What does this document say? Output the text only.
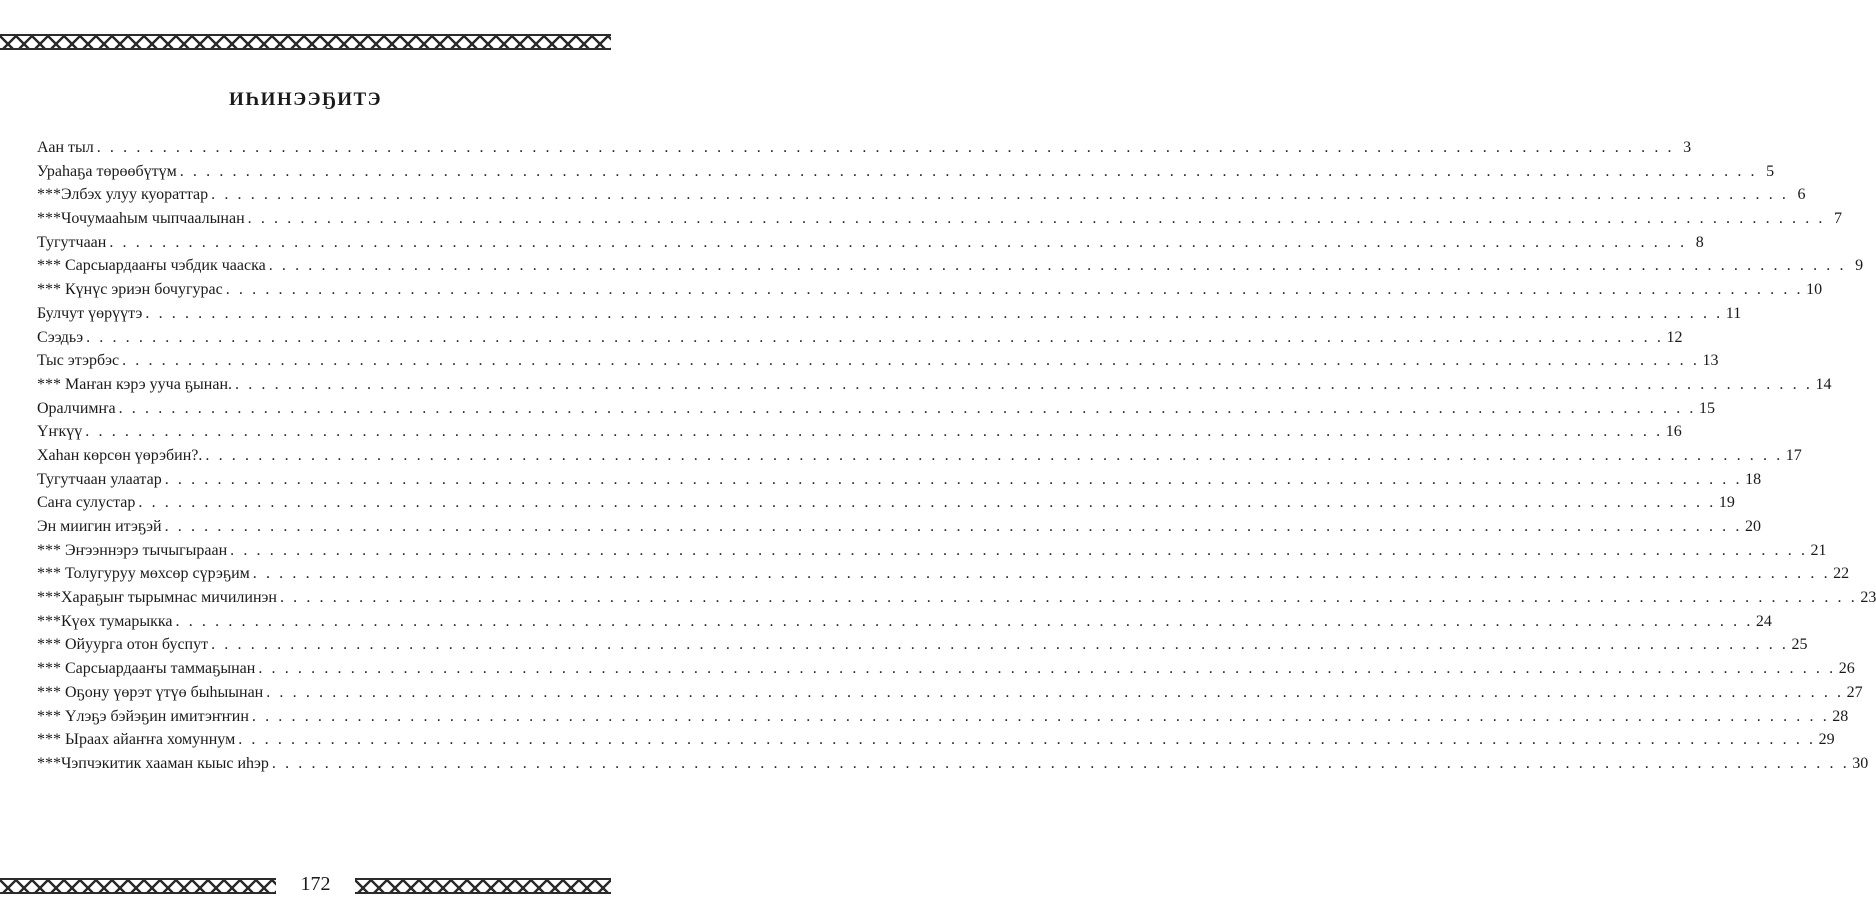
ИҺИНЭЭҔИТЭ
Аан тыл . . . . . . . . . . . . . . . . . . . . . . . . . . . . . . . . . . . . . . . . . . . . . . . . . . . . . . . . . . . . . . . . . . . . . . . . . . . . . . . . . . . . . . . . . . . . . . . . . . . . . . . . . . . . . . . . . . . . . . . . 3
Ураһаҕа төрөөбүтүм . . . . . . . . . . . . . . . . . . . . . . . . . . . . . . . . . . . . . . . . . . . . . . . . . . . . . . . . . . . . . . . . . . . . . . . . . . . . . . . . . . . . . . . . . . . . . . . . . . . . . . . . . . . . . . . . . . . . . . . . 5
***Элбэх улуу куораттар . . . . . . . . . . . . . . . . . . . . . . . . . . . . . . . . . . . . . . . . . . . . . . . . . . . . . . . . . . . . . . . . . . . . . . . . . . . . . . . . . . . . . . . . . . . . . . . . . . . . . . . . . . . . . . . . . . . . . . . . 6
***Чочумааһым чыпчаалынан . . . . . . . . . . . . . . . . . . . . . . . . . . . . . . . . . . . . . . . . . . . . . . . . . . . . . . . . . . . . . . . . . . . . . . . . . . . . . . . . . . . . . . . . . . . . . . . . . . . . . . . . . . . . . . . . . . . . . . . . 7
Тугутчаан . . . . . . . . . . . . . . . . . . . . . . . . . . . . . . . . . . . . . . . . . . . . . . . . . . . . . . . . . . . . . . . . . . . . . . . . . . . . . . . . . . . . . . . . . . . . . . . . . . . . . . . . . . . . . . . . . . . . . . . . 8
*** Сарсыардааҥы чэбдик чааска . . . . . . . . . . . . . . . . . . . . . . . . . . . . . . . . . . . . . . . . . . . . . . . . . . . . . . . . . . . . . . . . . . . . . . . . . . . . . . . . . . . . . . . . . . . . . . . . . . . . . . . . . . . . . . . . . . . . . . . . 9
*** Күнүс эриэн бочугурас . . . . . . . . . . . . . . . . . . . . . . . . . . . . . . . . . . . . . . . . . . . . . . . . . . . . . . . . . . . . . . . . . . . . . . . . . . . . . . . . . . . . . . . . . . . . . . . . . . . . . . . . . . . . . . . . . . . . . . . . 10
Булчут үөрүүтэ . . . . . . . . . . . . . . . . . . . . . . . . . . . . . . . . . . . . . . . . . . . . . . . . . . . . . . . . . . . . . . . . . . . . . . . . . . . . . . . . . . . . . . . . . . . . . . . . . . . . . . . . . . . . . . . . . . . . . . . . 11
Сээдьэ . . . . . . . . . . . . . . . . . . . . . . . . . . . . . . . . . . . . . . . . . . . . . . . . . . . . . . . . . . . . . . . . . . . . . . . . . . . . . . . . . . . . . . . . . . . . . . . . . . . . . . . . . . . . . . . . . . . . . . . . 12
Тыс этэрбэс . . . . . . . . . . . . . . . . . . . . . . . . . . . . . . . . . . . . . . . . . . . . . . . . . . . . . . . . . . . . . . . . . . . . . . . . . . . . . . . . . . . . . . . . . . . . . . . . . . . . . . . . . . . . . . . . . . . . . . . . 13
*** Маҥан кэрэ ууча ҕынан. . . . . . . . . . . . . . . . . . . . . . . . . . . . . . . . . . . . . . . . . . . . . . . . . . . . . . . . . . . . . . . . . . . . . . . . . . . . . . . . . . . . . . . . . . . . . . . . . . . . . . . . . . . . . . . . . . . . . . . . . 14
Оралчимҥа . . . . . . . . . . . . . . . . . . . . . . . . . . . . . . . . . . . . . . . . . . . . . . . . . . . . . . . . . . . . . . . . . . . . . . . . . . . . . . . . . . . . . . . . . . . . . . . . . . . . . . . . . . . . . . . . . . . . . . . . 15
Үҥкүү . . . . . . . . . . . . . . . . . . . . . . . . . . . . . . . . . . . . . . . . . . . . . . . . . . . . . . . . . . . . . . . . . . . . . . . . . . . . . . . . . . . . . . . . . . . . . . . . . . . . . . . . . . . . . . . . . . . . . . . . 16
Хаһан көрсөн үөрэбин?. . . . . . . . . . . . . . . . . . . . . . . . . . . . . . . . . . . . . . . . . . . . . . . . . . . . . . . . . . . . . . . . . . . . . . . . . . . . . . . . . . . . . . . . . . . . . . . . . . . . . . . . . . . . . . . . . . . . . . . . . 17
Тугутчаан улаатар . . . . . . . . . . . . . . . . . . . . . . . . . . . . . . . . . . . . . . . . . . . . . . . . . . . . . . . . . . . . . . . . . . . . . . . . . . . . . . . . . . . . . . . . . . . . . . . . . . . . . . . . . . . . . . . . . . . . . . . . 18
Саҥа сулустар . . . . . . . . . . . . . . . . . . . . . . . . . . . . . . . . . . . . . . . . . . . . . . . . . . . . . . . . . . . . . . . . . . . . . . . . . . . . . . . . . . . . . . . . . . . . . . . . . . . . . . . . . . . . . . . . . . . . . . . . 19
Эн миигин итэҕэй . . . . . . . . . . . . . . . . . . . . . . . . . . . . . . . . . . . . . . . . . . . . . . . . . . . . . . . . . . . . . . . . . . . . . . . . . . . . . . . . . . . . . . . . . . . . . . . . . . . . . . . . . . . . . . . . . . . . . . . . 20
*** Эҥээннэрэ тычыгыраан . . . . . . . . . . . . . . . . . . . . . . . . . . . . . . . . . . . . . . . . . . . . . . . . . . . . . . . . . . . . . . . . . . . . . . . . . . . . . . . . . . . . . . . . . . . . . . . . . . . . . . . . . . . . . . . . . . . . . . . . 21
*** Толугуруу мөхсөр сүрэҕим . . . . . . . . . . . . . . . . . . . . . . . . . . . . . . . . . . . . . . . . . . . . . . . . . . . . . . . . . . . . . . . . . . . . . . . . . . . . . . . . . . . . . . . . . . . . . . . . . . . . . . . . . . . . . . . . . . . . . . . . 22
***Хараҕыҥ тырымнас мичилинэн . . . . . . . . . . . . . . . . . . . . . . . . . . . . . . . . . . . . . . . . . . . . . . . . . . . . . . . . . . . . . . . . . . . . . . . . . . . . . . . . . . . . . . . . . . . . . . . . . . . . . . . . . . . . . . . . . . . . . . . . 23
***Күөх тумарыкка . . . . . . . . . . . . . . . . . . . . . . . . . . . . . . . . . . . . . . . . . . . . . . . . . . . . . . . . . . . . . . . . . . . . . . . . . . . . . . . . . . . . . . . . . . . . . . . . . . . . . . . . . . . . . . . . . . . . . . . . 24
*** Ойуурга отон буспут . . . . . . . . . . . . . . . . . . . . . . . . . . . . . . . . . . . . . . . . . . . . . . . . . . . . . . . . . . . . . . . . . . . . . . . . . . . . . . . . . . . . . . . . . . . . . . . . . . . . . . . . . . . . . . . . . . . . . . . . 25
*** Сарсыардааҥы таммаҕынан . . . . . . . . . . . . . . . . . . . . . . . . . . . . . . . . . . . . . . . . . . . . . . . . . . . . . . . . . . . . . . . . . . . . . . . . . . . . . . . . . . . . . . . . . . . . . . . . . . . . . . . . . . . . . . . . . . . . . . . . 26
*** Оҕону үөрэт үтүө быһыынан . . . . . . . . . . . . . . . . . . . . . . . . . . . . . . . . . . . . . . . . . . . . . . . . . . . . . . . . . . . . . . . . . . . . . . . . . . . . . . . . . . . . . . . . . . . . . . . . . . . . . . . . . . . . . . . . . . . . . . . . 27
*** Үлэҕэ бэйэҕин имитэҥҥин . . . . . . . . . . . . . . . . . . . . . . . . . . . . . . . . . . . . . . . . . . . . . . . . . . . . . . . . . . . . . . . . . . . . . . . . . . . . . . . . . . . . . . . . . . . . . . . . . . . . . . . . . . . . . . . . . . . . . . . . 28
*** Ыраах айаҥҥа хомуннум . . . . . . . . . . . . . . . . . . . . . . . . . . . . . . . . . . . . . . . . . . . . . . . . . . . . . . . . . . . . . . . . . . . . . . . . . . . . . . . . . . . . . . . . . . . . . . . . . . . . . . . . . . . . . . . . . . . . . . . . 29
***Чэпчэкитик хааман кыыс иһэр . . . . . . . . . . . . . . . . . . . . . . . . . . . . . . . . . . . . . . . . . . . . . . . . . . . . . . . . . . . . . . . . . . . . . . . . . . . . . . . . . . . . . . . . . . . . . . . . . . . . . . . . . . . . . . . . . . . . . . . . 30
172
